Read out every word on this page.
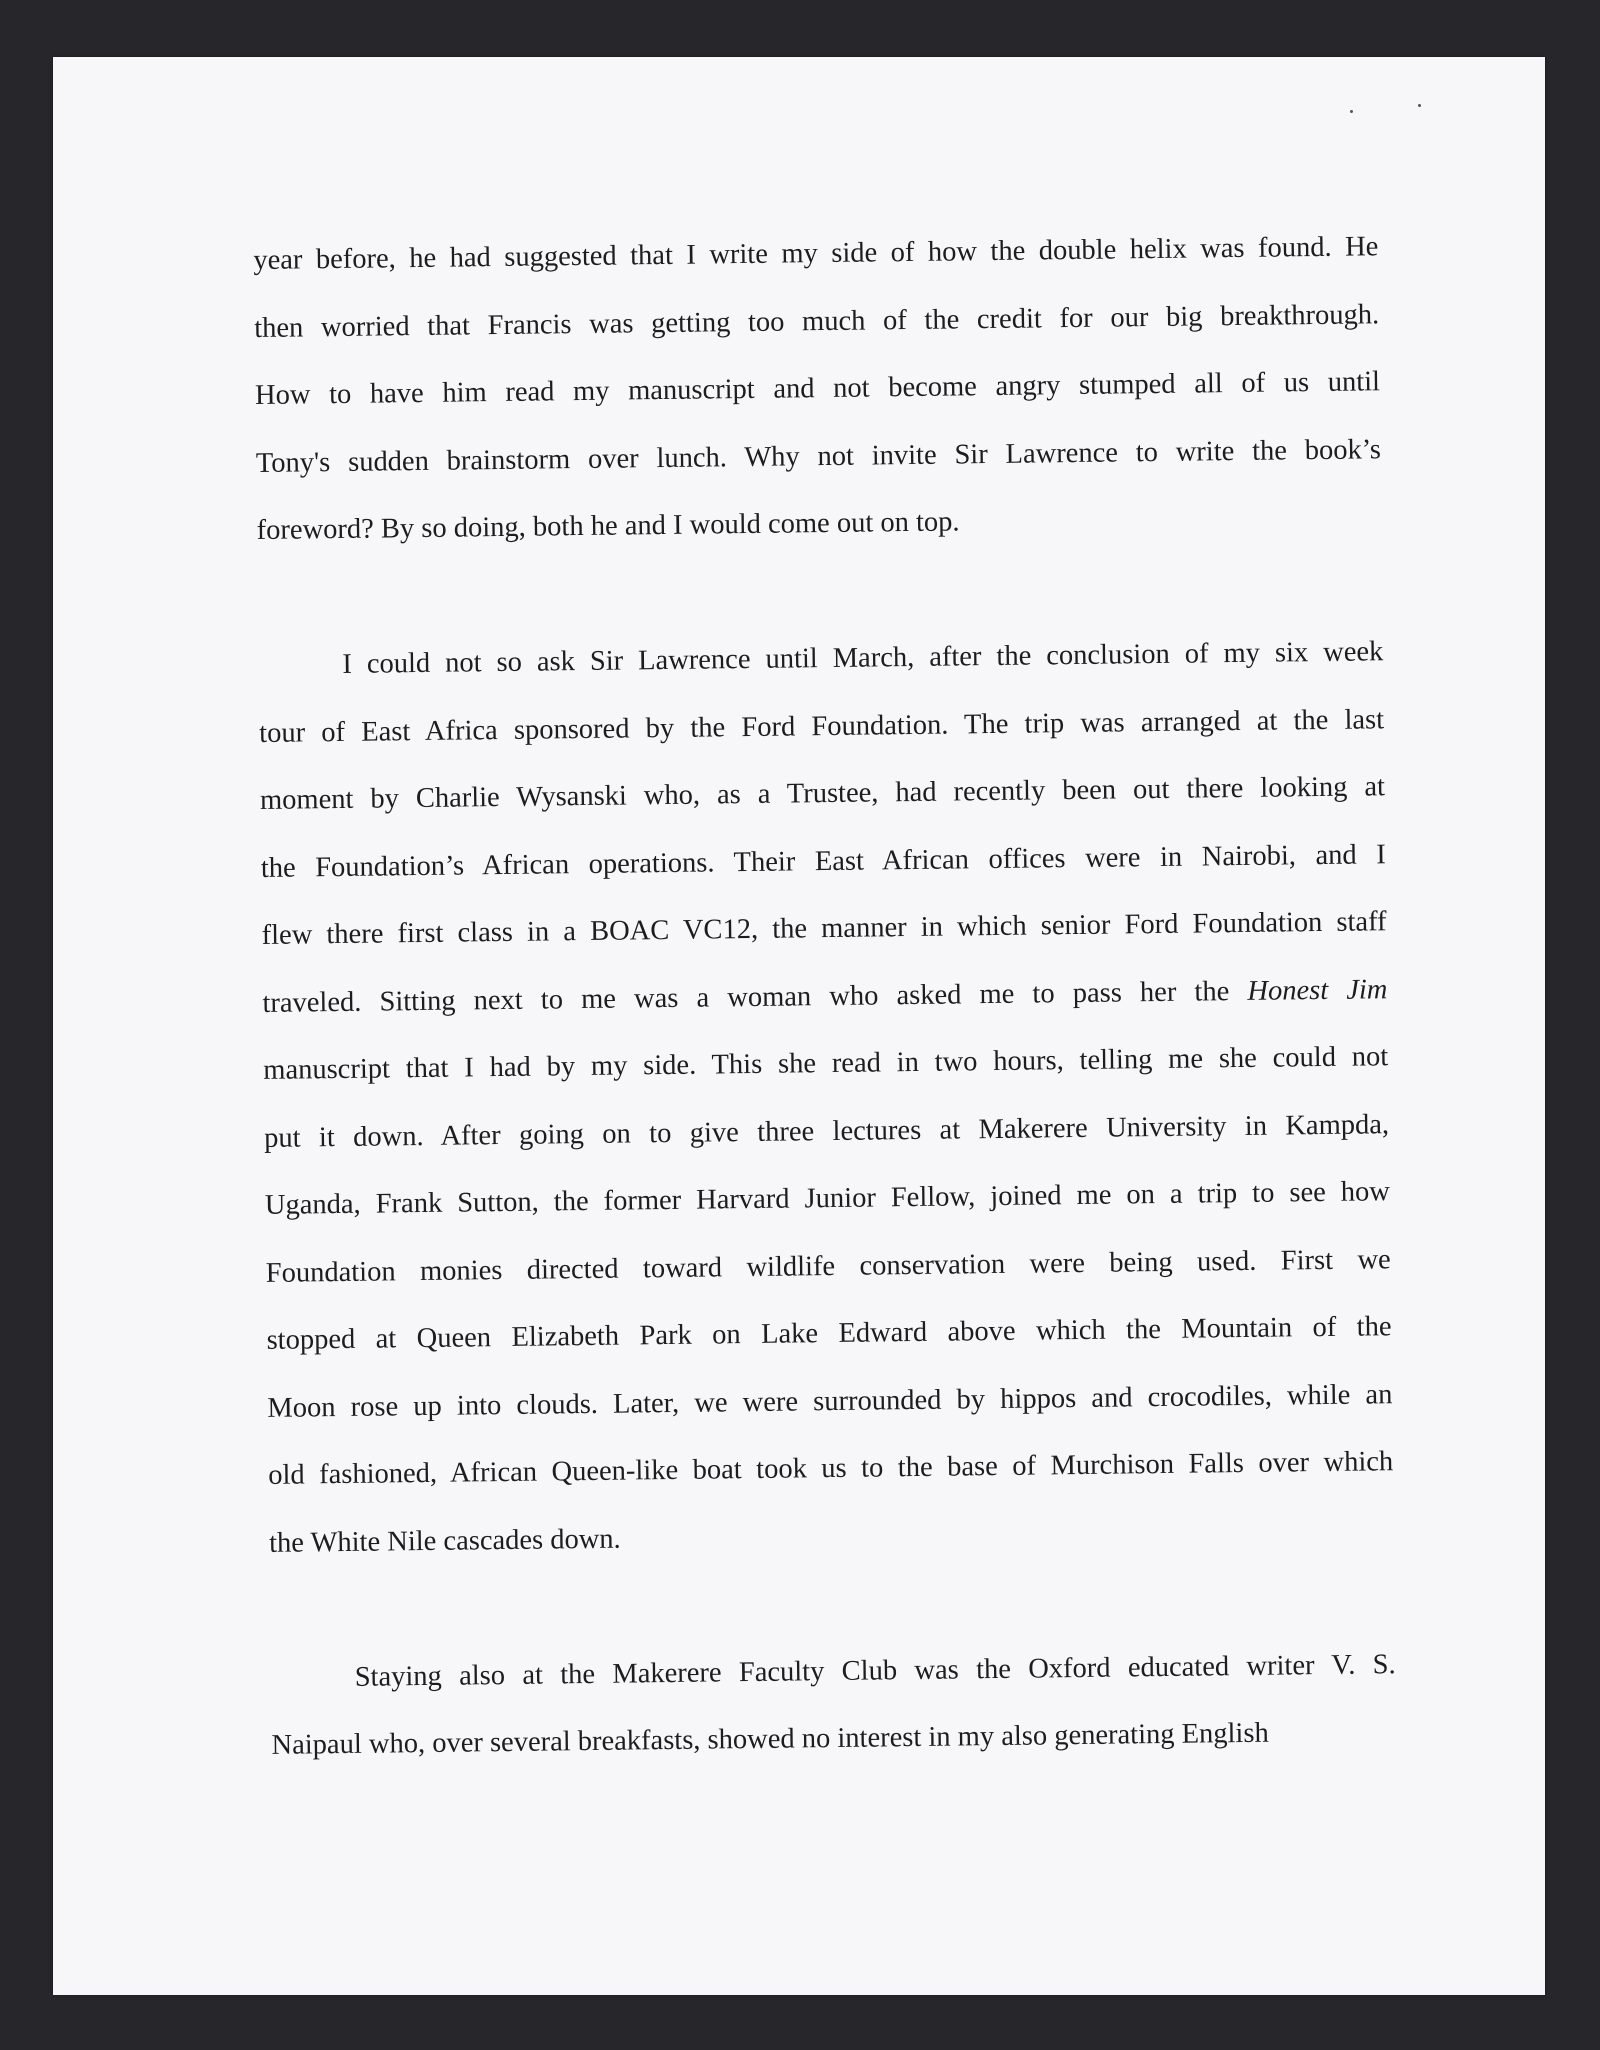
year before, he had suggested that I write my side of how the double helix was found. He
then worried that Francis was getting too much of the credit for our big breakthrough.
How to have him read my manuscript and not become angry stumped all of us until
Tony's sudden brainstorm over lunch. Why not invite Sir Lawrence to write the book’s
foreword? By so doing, both he and I would come out on top.
I could not so ask Sir Lawrence until March, after the conclusion of my six week
tour of East Africa sponsored by the Ford Foundation. The trip was arranged at the last
moment by Charlie Wysanski who, as a Trustee, had recently been out there looking at
the Foundation’s African operations. Their East African offices were in Nairobi, and I
flew there first class in a BOAC VC12, the manner in which senior Ford Foundation staff
traveled. Sitting next to me was a woman who asked me to pass her the Honest Jim
manuscript that I had by my side. This she read in two hours, telling me she could not
put it down. After going on to give three lectures at Makerere University in Kampda,
Uganda, Frank Sutton, the former Harvard Junior Fellow, joined me on a trip to see how
Foundation monies directed toward wildlife conservation were being used. First we
stopped at Queen Elizabeth Park on Lake Edward above which the Mountain of the
Moon rose up into clouds. Later, we were surrounded by hippos and crocodiles, while an
old fashioned, African Queen-like boat took us to the base of Murchison Falls over which
the White Nile cascades down.
Staying also at the Makerere Faculty Club was the Oxford educated writer V. S.
Naipaul who, over several breakfasts, showed no interest in my also generating English
